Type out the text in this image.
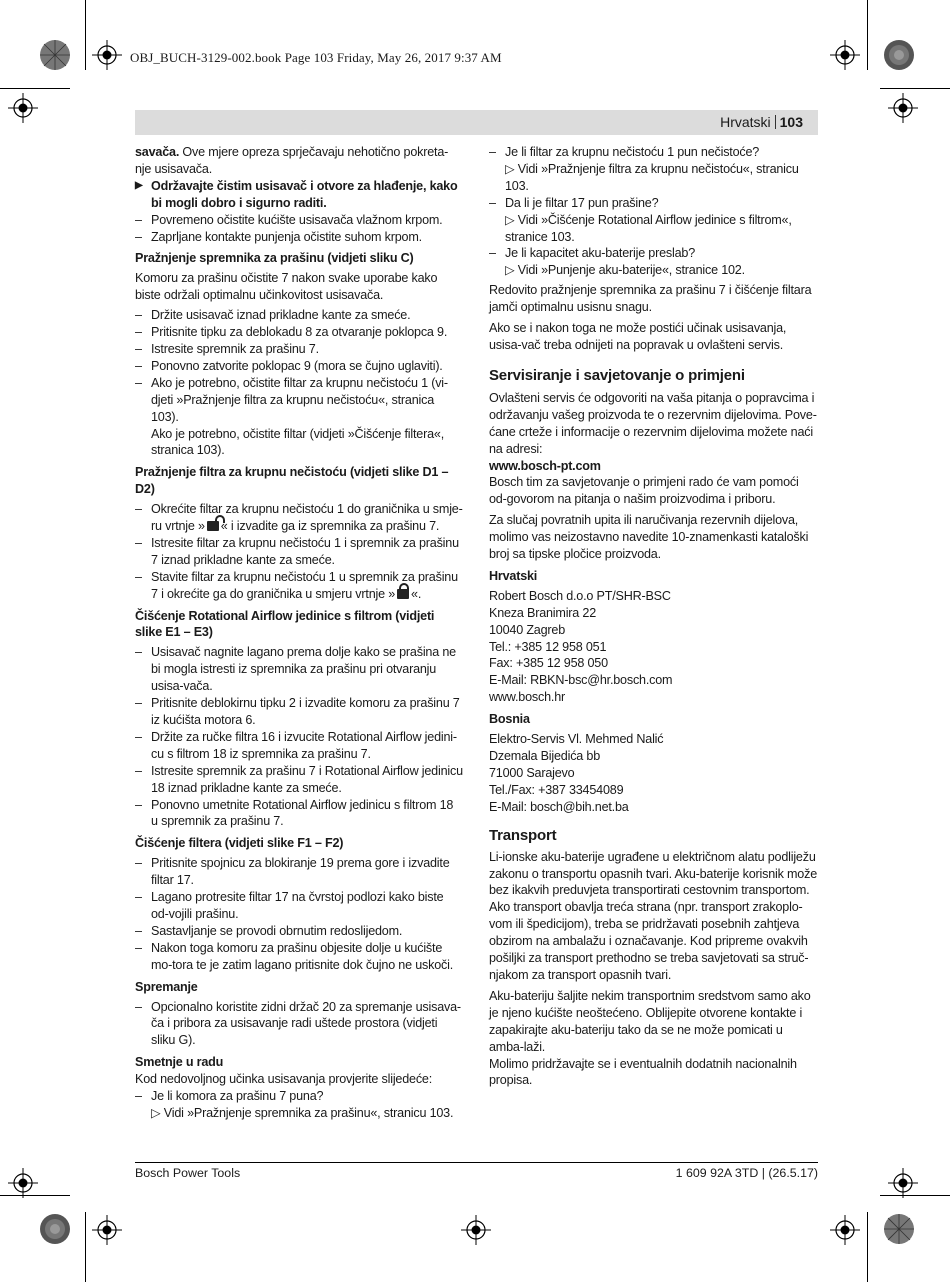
OBJ_BUCH-3129-002.book Page 103 Friday, May 26, 2017 9:37 AM
Hrvatski 103

savača. Ove mjere opreza sprječavaju nehotično pokreta-nje usisavača.

▶ Održavajte čistim usisavač i otvore za hlađenje, kako bi mogli dobro i sigurno raditi.

– Povremeno očistite kućište usisavača vlažnom krpom.

– Zaprljane kontakte punjenja očistite suhom krpom.

Pražnjenje spremnika za prašinu (vidjeti sliku C)

Komoru za prašinu očistite 7 nakon svake uporabe kako biste održali optimalnu učinkovitost usisavača.

– Držite usisavač iznad prikladne kante za smeće.

– Pritisnite tipku za deblokadu 8 za otvaranje poklopca 9.

– Istresite spremnik za prašinu 7.

– Ponovno zatvorite poklopac 9 (mora se čujno uglaviti).

– Ako je potrebno, očistite filtar za krupnu nečistoću 1 (vi-djeti »Pražnjenje filtra za krupnu nečistoću«, stranica 103).

Ako je potrebno, očistite filtar (vidjeti »Čišćenje filtera«, stranica 103).

Pražnjenje filtra za krupnu nečistoću (vidjeti slike D1 – D2)

– Okrećite filtar za krupnu nečistoću 1 do graničnika u smje-ru vrtnje » « i izvadite ga iz spremnika za prašinu 7.

– Istresite filtar za krupnu nečistoću 1 i spremnik za prašinu 7 iznad prikladne kante za smeće.

– Stavite filtar za krupnu nečistoću 1 u spremnik za prašinu 7 i okrećite ga do graničnika u smjeru vrtnje » «.

Čišćenje Rotational Airflow jedinice s filtrom (vidjeti slike E1 – E3)

– Usisavač nagnite lagano prema dolje kako se prašina ne bi mogla istresti iz spremnika za prašinu pri otvaranju usisa-vača.

– Pritisnite deblokirnu tipku 2 i izvadite komoru za prašinu 7 iz kućišta motora 6.

– Držite za ručke filtra 16 i izvucite Rotational Airflow jedini-cu s filtrom 18 iz spremnika za prašinu 7.

– Istresite spremnik za prašinu 7 i Rotational Airflow jedinicu 18 iznad prikladne kante za smeće.

– Ponovno umetnite Rotational Airflow jedinicu s filtrom 18 u spremnik za prašinu 7.

Čišćenje filtera (vidjeti slike F1 – F2)

– Pritisnite spojnicu za blokiranje 19 prema gore i izvadite filtar 17.

– Lagano protresite filtar 17 na čvrstoj podlozi kako biste od-vojili prašinu.

– Sastavljanje se provodi obrnutim redoslijedom.

– Nakon toga komoru za prašinu objesite dolje u kućište mo-tora te je zatim lagano pritisnite dok čujno ne uskoči.

Spremanje

– Opcionalno koristite zidni držač 20 za spremanje usisava-ča i pribora za usisavanje radi uštede prostora (vidjeti sliku G).

Smetnje u radu

Kod nedovoljnog učinka usisavanja provjerite slijedeće:

– Je li komora za prašinu 7 puna?

▷ Vidi »Pražnjenje spremnika za prašinu«, stranicu 103.

– Je li filtar za krupnu nečistoću 1 pun nečistoće?

▷ Vidi »Pražnjenje filtra za krupnu nečistoću«, stranicu 103.

– Da li je filtar 17 pun prašine?

▷ Vidi »Čišćenje Rotational Airflow jedinice s filtrom«, stranice 103.

– Je li kapacitet aku-baterije preslab?

▷ Vidi »Punjenje aku-baterije«, stranice 102.

Redovito pražnjenje spremnika za prašinu 7 i čišćenje filtara jamči optimalnu usisnu snagu.

Ako se i nakon toga ne može postići učinak usisavanja, usisa-vač treba odnijeti na popravak u ovlašteni servis.

Servisiranje i savjetovanje o primjeni

Ovlašteni servis će odgovoriti na vaša pitanja o popravcima i održavanju vašeg proizvoda te o rezervnim dijelovima. Pove-ćane crteže i informacije o rezervnim dijelovima možete naći na adresi:

www.bosch-pt.com

Bosch tim za savjetovanje o primjeni rado će vam pomoći od-govorom na pitanja o našim proizvodima i priboru.

Za slučaj povratnih upita ili naručivanja rezervnih dijelova, molimo vas neizostavno navedite 10-znamenkasti kataloški broj sa tipske pločice proizvoda.

Hrvatski

Robert Bosch d.o.o PT/SHR-BSC

Kneza Branimira 22

10040 Zagreb

Tel.: +385 12 958 051

Fax: +385 12 958 050

E-Mail: RBKN-bsc@hr.bosch.com

www.bosch.hr

Bosnia

Elektro-Servis Vl. Mehmed Nalić

Dzemala Bijedića bb

71000 Sarajevo

Tel./Fax: +387 33454089

E-Mail: bosch@bih.net.ba

Transport

Li-ionske aku-baterije ugrađene u električnom alatu podliježu zakonu o transportu opasnih tvari. Aku-baterije korisnik može bez ikakvih preduvjeta transportirati cestovnim transportom. Ako transport obavlja treća strana (npr. transport zrakoplo-vom ili špedicijom), treba se pridržavati posebnih zahtjeva obzirom na ambalažu i označavanje. Kod pripreme ovakvih pošiljki za transport prethodno se treba savjetovati sa struč-njakom za transport opasnih tvari.

Aku-bateriju šaljite nekim transportnim sredstvom samo ako je njeno kućište neoštećeno. Oblijepite otvorene kontakte i zapakirajte aku-bateriju tako da se ne može pomicati u amba-laži.

Molimo pridržavajte se i eventualnih dodatnih nacionalnih propisa.

Bosch Power Tools	1 609 92A 3TD | (26.5.17)
